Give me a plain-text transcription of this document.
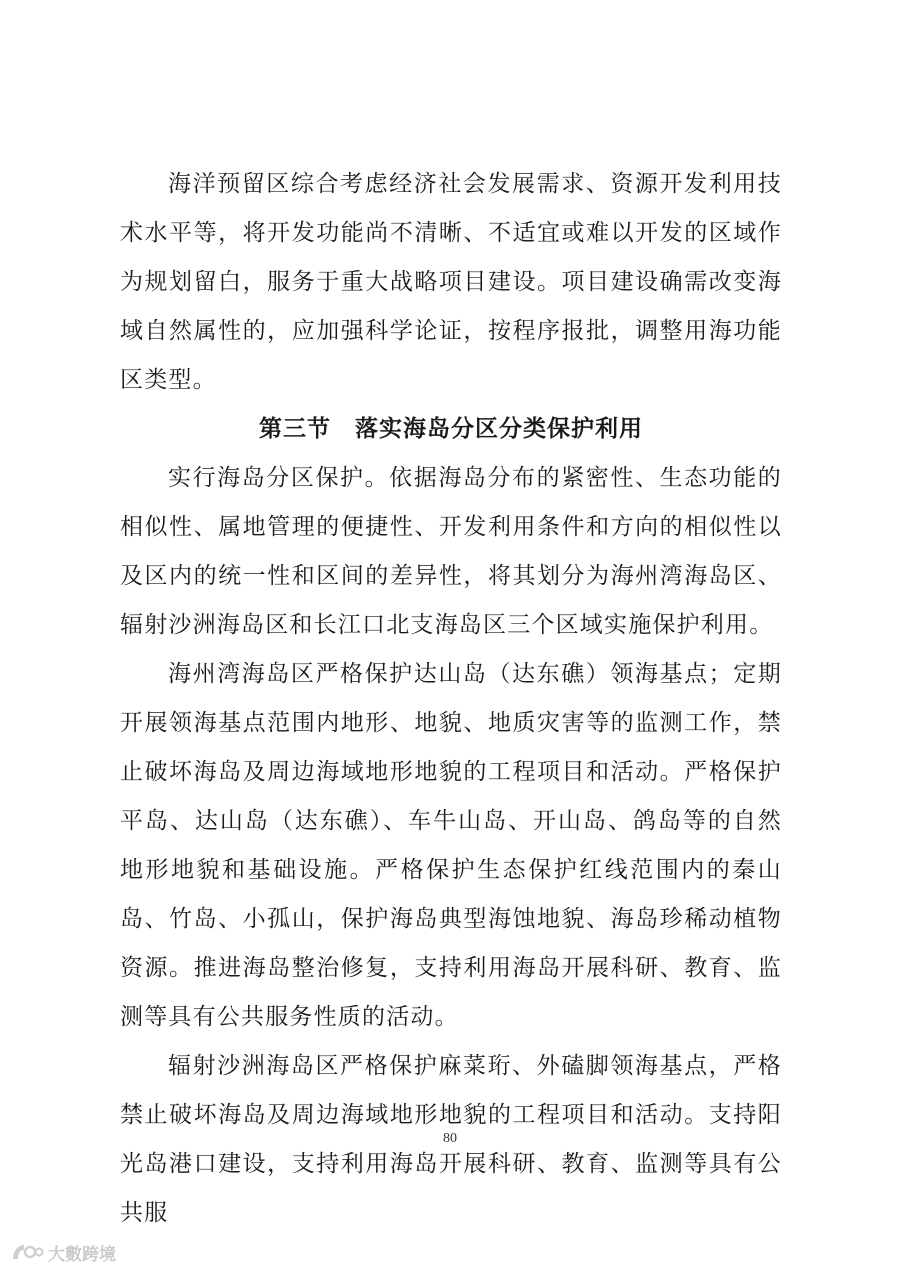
海洋预留区综合考虑经济社会发展需求、资源开发利用技术水平等，将开发功能尚不清晰、不适宜或难以开发的区域作为规划留白，服务于重大战略项目建设。项目建设确需改变海域自然属性的，应加强科学论证，按程序报批，调整用海功能区类型。

第三节 落实海岛分区分类保护利用

实行海岛分区保护。依据海岛分布的紧密性、生态功能的相似性、属地管理的便捷性、开发利用条件和方向的相似性以及区内的统一性和区间的差异性，将其划分为海州湾海岛区、辐射沙洲海岛区和长江口北支海岛区三个区域实施保护利用。

海州湾海岛区严格保护达山岛（达东礁）领海基点；定期开展领海基点范围内地形、地貌、地质灾害等的监测工作，禁止破坏海岛及周边海域地形地貌的工程项目和活动。严格保护平岛、达山岛（达东礁）、车牛山岛、开山岛、鸽岛等的自然地形地貌和基础设施。严格保护生态保护红线范围内的秦山岛、竹岛、小孤山，保护海岛典型海蚀地貌、海岛珍稀动植物资源。推进海岛整治修复，支持利用海岛开展科研、教育、监测等具有公共服务性质的活动。

辐射沙洲海岛区严格保护麻菜珩、外磕脚领海基点，严格禁止破坏海岛及周边海域地形地貌的工程项目和活动。支持阳光岛港口建设，支持利用海岛开展科研、教育、监测等具有公共服

80
大數跨境
